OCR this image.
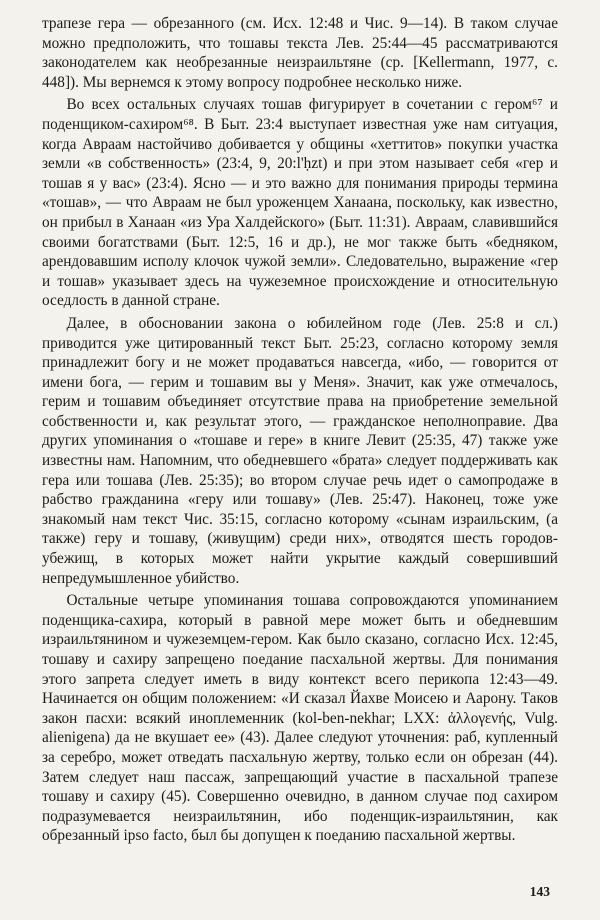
трапезе гера — обрезанного (см. Исх. 12:48 и Чис. 9—14). В таком случае можно предположить, что тошавы текста Лев. 25:44—45 рассматриваются законодателем как необрезанные неизраильтяне (ср. [Kellermann, 1977, с. 448]). Мы вернемся к этому вопросу подробнее несколько ниже.

Во всех остальных случаях тошав фигурирует в сочетании с гером⁶⁷ и поденщиком-сахиром⁶⁸. В Быт. 23:4 выступает известная уже нам ситуация, когда Авраам настойчиво добивается у общины «хеттитов» покупки участка земли «в собственность» (23:4, 9, 20:l'ḥzt) и при этом называет себя «гер и тошав я у вас» (23:4). Ясно — и это важно для понимания природы термина «тошав», — что Авраам не был уроженцем Ханаана, поскольку, как известно, он прибыл в Ханаан «из Ура Халдейского» (Быт. 11:31). Авраам, славившийся своими богатствами (Быт. 12:5, 16 и др.), не мог также быть «бедняком, арендовавшим исполу клочок чужой земли». Следовательно, выражение «гер и тошав» указывает здесь на чужеземное происхождение и относительную оседлость в данной стране.

Далее, в обосновании закона о юбилейном годе (Лев. 25:8 и сл.) приводится уже цитированный текст Быт. 25:23, согласно которому земля принадлежит богу и не может продаваться навсегда, «ибо, — говорится от имени бога, — герим и тошавим вы у Меня». Значит, как уже отмечалось, герим и тошавим объединяет отсутствие права на приобретение земельной собственности и, как результат этого, — гражданское неполноправие. Два других упоминания о «тошаве и гере» в книге Левит (25:35, 47) также уже известны нам. Напомним, что обедневшего «брата» следует поддерживать как гера или тошава (Лев. 25:35); во втором случае речь идет о самопродаже в рабство гражданина «геру или тошаву» (Лев. 25:47). Наконец, тоже уже знакомый нам текст Чис. 35:15, согласно которому «сынам израильским, (а также) геру и тошаву, (живущим) среди них», отводятся шесть городов-убежищ, в которых может найти укрытие каждый совершивший непредумышленное убийство.

Остальные четыре упоминания тошава сопровождаются упоминанием поденщика-сахира, который в равной мере может быть и обедневшим израильтянином и чужеземцем-гером. Как было сказано, согласно Исх. 12:45, тошаву и сахиру запрещено поедание пасхальной жертвы. Для понимания этого запрета следует иметь в виду контекст всего перикопа 12:43—49. Начинается он общим положением: «И сказал Йахве Моисею и Аарону. Таков закон пасхи: всякий иноплеменник (kol-ben-nekhar; LXX: ἀλλογενής, Vulg. alienigena) да не вкушает ее» (43). Далее следуют уточнения: раб, купленный за серебро, может отведать пасхальную жертву, только если он обрезан (44). Затем следует наш пассаж, запрещающий участие в пасхальной трапезе тошаву и сахиру (45). Совершенно очевидно, в данном случае под сахиром подразумевается неизраильтянин, ибо поденщик-израильтянин, как обрезанный ipso facto, был бы допущен к поеданию пасхальной жертвы.

143
